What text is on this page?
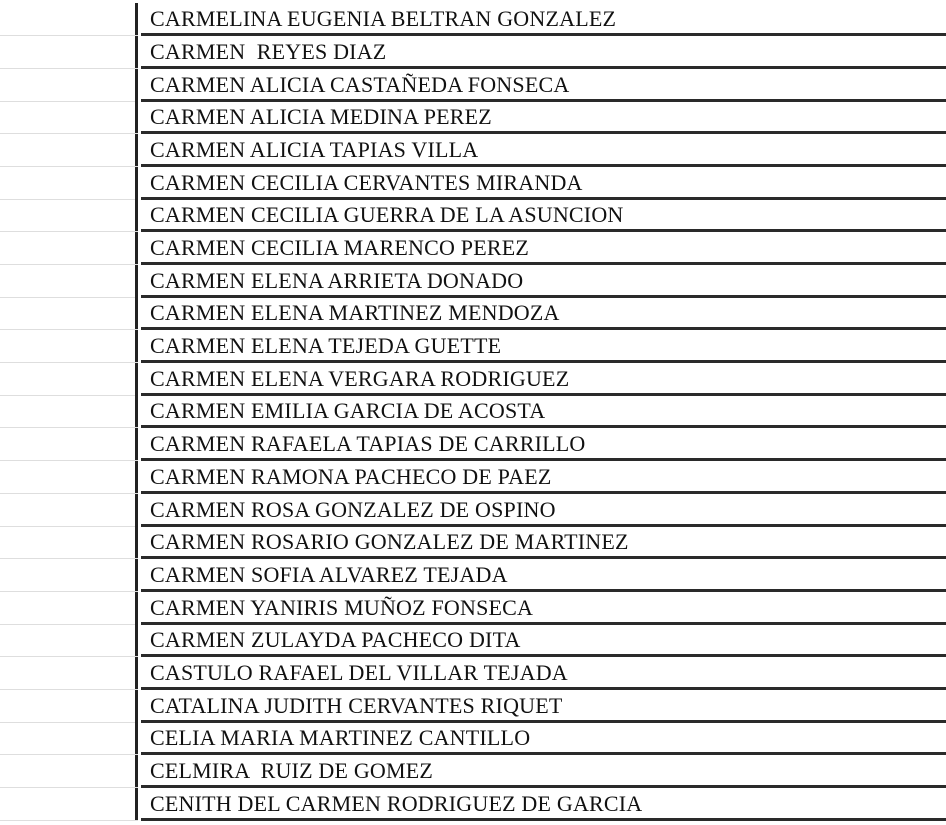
CARMELINA EUGENIA BELTRAN GONZALEZ
CARMEN  REYES DIAZ
CARMEN ALICIA CASTAÑEDA FONSECA
CARMEN ALICIA MEDINA PEREZ
CARMEN ALICIA TAPIAS VILLA
CARMEN CECILIA CERVANTES MIRANDA
CARMEN CECILIA GUERRA DE LA ASUNCION
CARMEN CECILIA MARENCO PEREZ
CARMEN ELENA ARRIETA DONADO
CARMEN ELENA MARTINEZ MENDOZA
CARMEN ELENA TEJEDA GUETTE
CARMEN ELENA VERGARA RODRIGUEZ
CARMEN EMILIA GARCIA DE ACOSTA
CARMEN RAFAELA TAPIAS DE CARRILLO
CARMEN RAMONA PACHECO DE PAEZ
CARMEN ROSA GONZALEZ DE OSPINO
CARMEN ROSARIO GONZALEZ DE MARTINEZ
CARMEN SOFIA ALVAREZ TEJADA
CARMEN YANIRIS MUÑOZ FONSECA
CARMEN ZULAYDA PACHECO DITA
CASTULO RAFAEL DEL VILLAR TEJADA
CATALINA JUDITH CERVANTES RIQUET
CELIA MARIA MARTINEZ CANTILLO
CELMIRA  RUIZ DE GOMEZ
CENITH DEL CARMEN RODRIGUEZ DE GARCIA
